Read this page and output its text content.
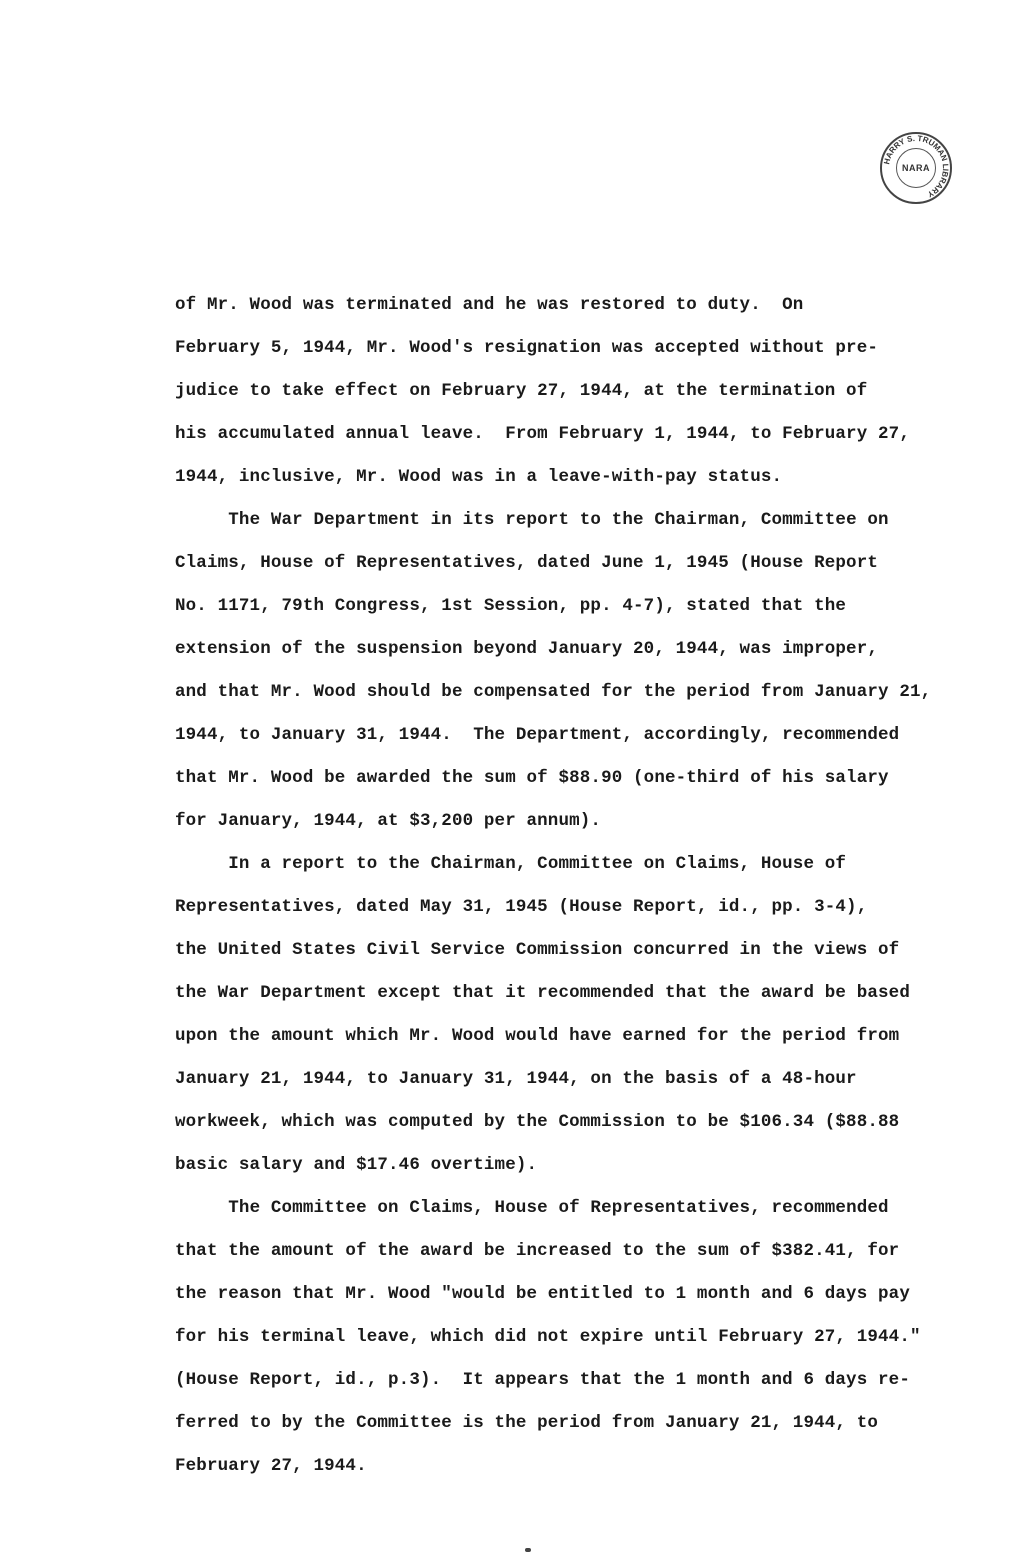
HARRY S. TRUMAN LIBRARY
NARA

of Mr. Wood was terminated and he was restored to duty.  On
February 5, 1944, Mr. Wood's resignation was accepted without pre-
judice to take effect on February 27, 1944, at the termination of
his accumulated annual leave.  From February 1, 1944, to February 27,
1944, inclusive, Mr. Wood was in a leave-with-pay status.

The War Department in its report to the Chairman, Committee on
Claims, House of Representatives, dated June 1, 1945 (House Report
No. 1171, 79th Congress, 1st Session, pp. 4-7), stated that the
extension of the suspension beyond January 20, 1944, was improper,
and that Mr. Wood should be compensated for the period from January 21,
1944, to January 31, 1944.  The Department, accordingly, recommended
that Mr. Wood be awarded the sum of $88.90 (one-third of his salary
for January, 1944, at $3,200 per annum).

In a report to the Chairman, Committee on Claims, House of
Representatives, dated May 31, 1945 (House Report, id., pp. 3-4),
the United States Civil Service Commission concurred in the views of
the War Department except that it recommended that the award be based
upon the amount which Mr. Wood would have earned for the period from
January 21, 1944, to January 31, 1944, on the basis of a 48-hour
workweek, which was computed by the Commission to be $106.34 ($88.88
basic salary and $17.46 overtime).

The Committee on Claims, House of Representatives, recommended
that the amount of the award be increased to the sum of $382.41, for
the reason that Mr. Wood "would be entitled to 1 month and 6 days pay
for his terminal leave, which did not expire until February 27, 1944."
(House Report, id., p.3).  It appears that the 1 month and 6 days re-
ferred to by the Committee is the period from January 21, 1944, to
February 27, 1944.
